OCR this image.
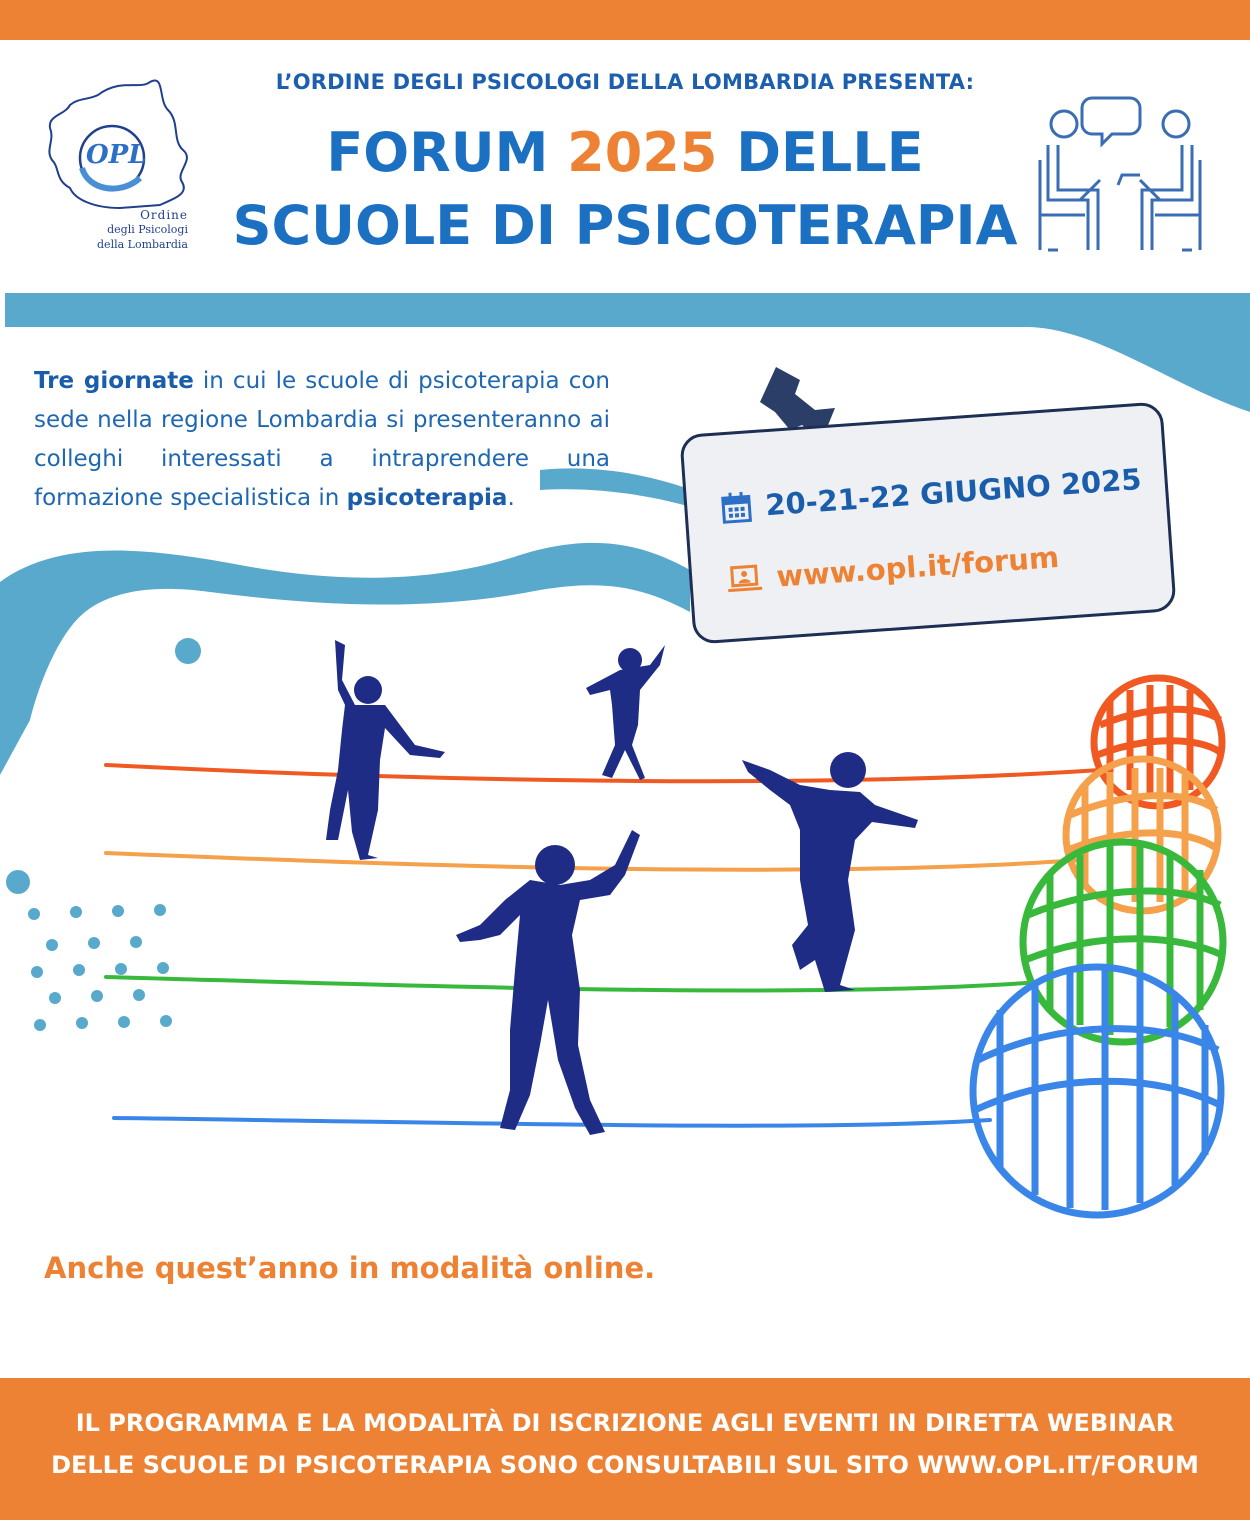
OPL
Ordine
degli Psicologi
della Lombardia
L’ORDINE DEGLI PSICOLOGI DELLA LOMBARDIA PRESENTA:
FORUM 2025 DELLE
SCUOLE DI PSICOTERAPIA
Tre giornate in cui le scuole di psicoterapia con sede nella regione Lombardia si presenteranno ai colleghi interessati a intraprendere una formazione specialistica in psicoterapia.	20-21-22 GIUGNO 2025
www.opl.it/forum
Anche quest’anno in modalità online.
IL PROGRAMMA E LA MODALITÀ DI ISCRIZIONE AGLI EVENTI IN DIRETTA WEBINAR
DELLE SCUOLE DI PSICOTERAPIA SONO CONSULTABILI SUL SITO WWW.OPL.IT/FORUM
